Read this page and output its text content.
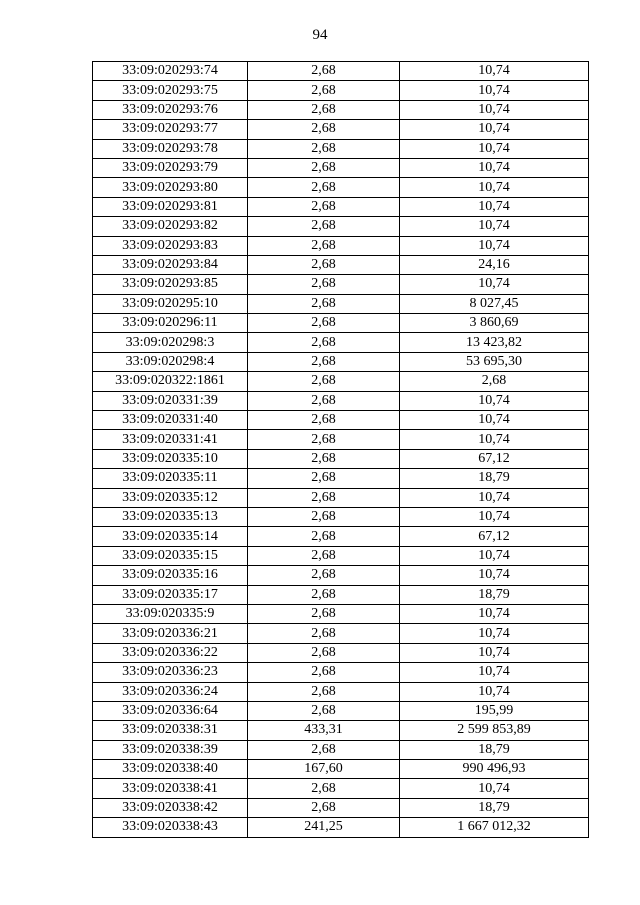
94
33:09:020293:74	2,68	10,74
33:09:020293:75	2,68	10,74
33:09:020293:76	2,68	10,74
33:09:020293:77	2,68	10,74
33:09:020293:78	2,68	10,74
33:09:020293:79	2,68	10,74
33:09:020293:80	2,68	10,74
33:09:020293:81	2,68	10,74
33:09:020293:82	2,68	10,74
33:09:020293:83	2,68	10,74
33:09:020293:84	2,68	24,16
33:09:020293:85	2,68	10,74
33:09:020295:10	2,68	8 027,45
33:09:020296:11	2,68	3 860,69
33:09:020298:3	2,68	13 423,82
33:09:020298:4	2,68	53 695,30
33:09:020322:1861	2,68	2,68
33:09:020331:39	2,68	10,74
33:09:020331:40	2,68	10,74
33:09:020331:41	2,68	10,74
33:09:020335:10	2,68	67,12
33:09:020335:11	2,68	18,79
33:09:020335:12	2,68	10,74
33:09:020335:13	2,68	10,74
33:09:020335:14	2,68	67,12
33:09:020335:15	2,68	10,74
33:09:020335:16	2,68	10,74
33:09:020335:17	2,68	18,79
33:09:020335:9	2,68	10,74
33:09:020336:21	2,68	10,74
33:09:020336:22	2,68	10,74
33:09:020336:23	2,68	10,74
33:09:020336:24	2,68	10,74
33:09:020336:64	2,68	195,99
33:09:020338:31	433,31	2 599 853,89
33:09:020338:39	2,68	18,79
33:09:020338:40	167,60	990 496,93
33:09:020338:41	2,68	10,74
33:09:020338:42	2,68	18,79
33:09:020338:43	241,25	1 667 012,32
